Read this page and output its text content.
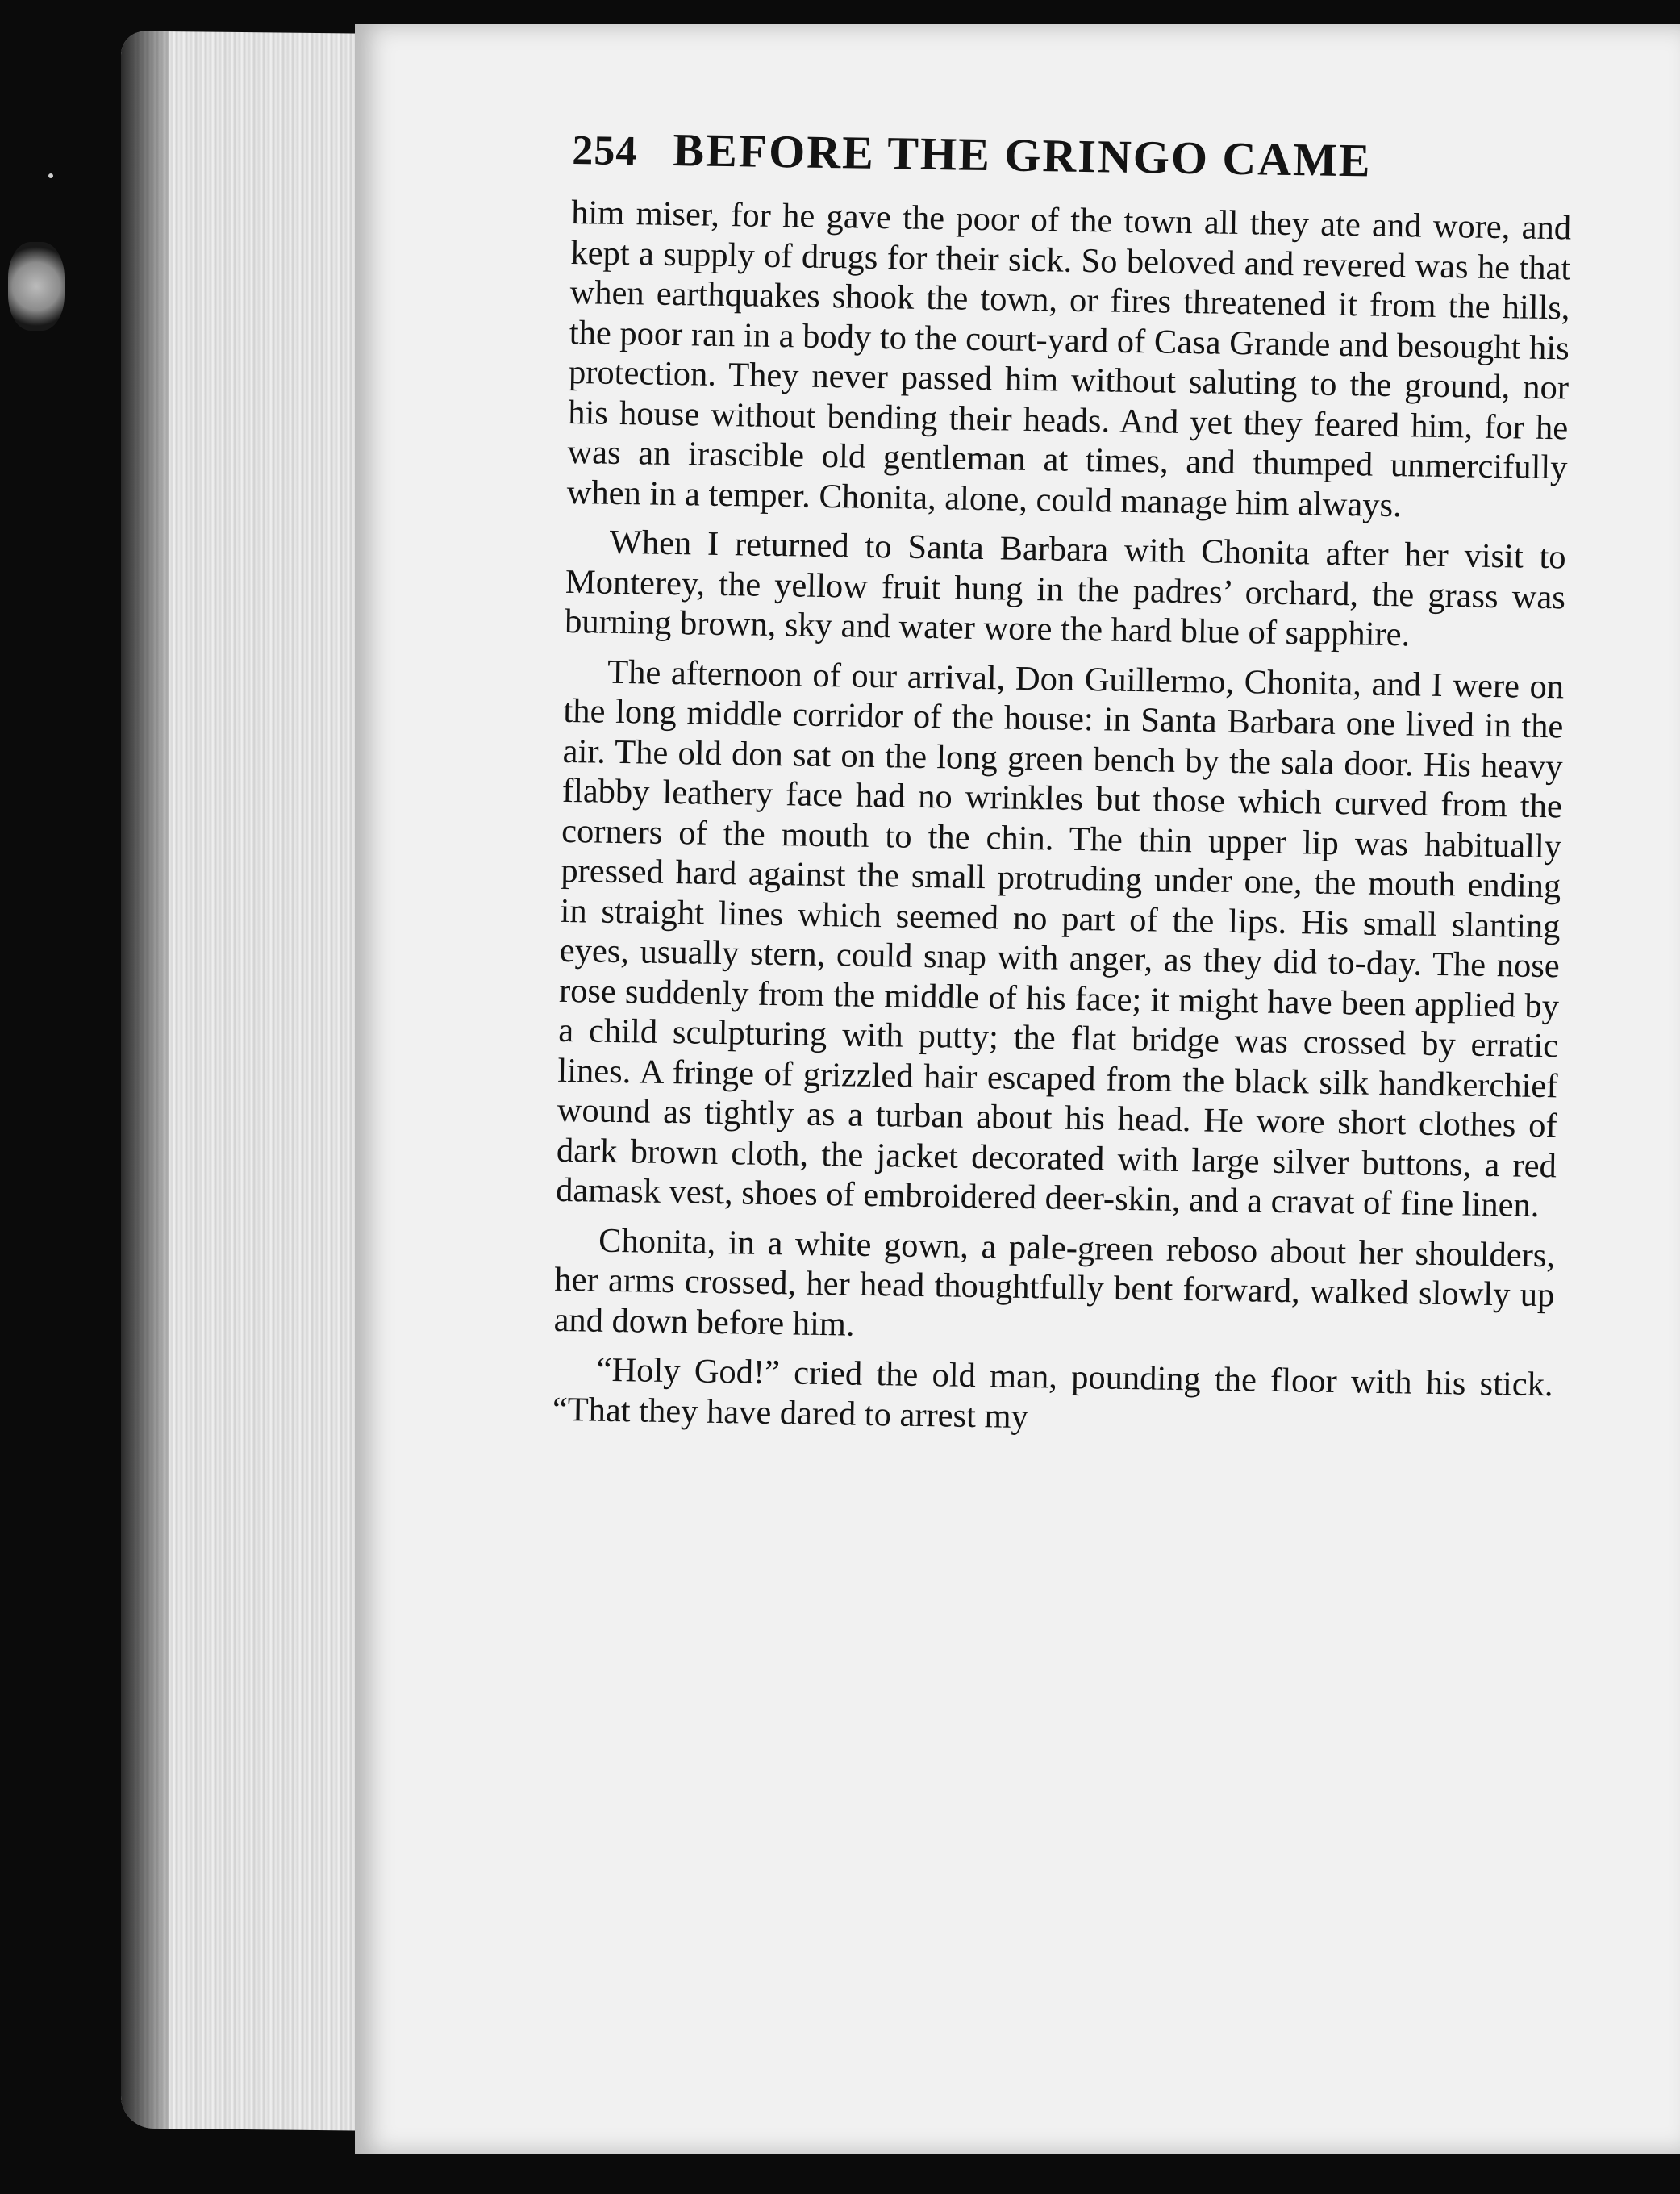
254 BEFORE THE GRINGO CAME

him miser, for he gave the poor of the town all they ate and wore, and kept a supply of drugs for their sick. So beloved and revered was he that when earthquakes shook the town, or fires threatened it from the hills, the poor ran in a body to the court-yard of Casa Grande and besought his protection. They never passed him without saluting to the ground, nor his house without bending their heads. And yet they feared him, for he was an irascible old gentleman at times, and thumped unmercifully when in a temper. Chonita, alone, could manage him always.

When I returned to Santa Barbara with Chonita after her visit to Monterey, the yellow fruit hung in the padres’ orchard, the grass was burning brown, sky and water wore the hard blue of sapphire.

The afternoon of our arrival, Don Guillermo, Chonita, and I were on the long middle corridor of the house: in Santa Barbara one lived in the air. The old don sat on the long green bench by the sala door. His heavy flabby leathery face had no wrinkles but those which curved from the corners of the mouth to the chin. The thin upper lip was habitually pressed hard against the small protruding under one, the mouth ending in straight lines which seemed no part of the lips. His small slanting eyes, usually stern, could snap with anger, as they did to-day. The nose rose suddenly from the middle of his face; it might have been applied by a child sculpturing with putty; the flat bridge was crossed by erratic lines. A fringe of grizzled hair escaped from the black silk handkerchief wound as tightly as a turban about his head. He wore short clothes of dark brown cloth, the jacket decorated with large silver buttons, a red damask vest, shoes of embroidered deer-skin, and a cravat of fine linen.

Chonita, in a white gown, a pale-green reboso about her shoulders, her arms crossed, her head thoughtfully bent forward, walked slowly up and down before him.

“Holy God!” cried the old man, pounding the floor with his stick. “That they have dared to arrest my
